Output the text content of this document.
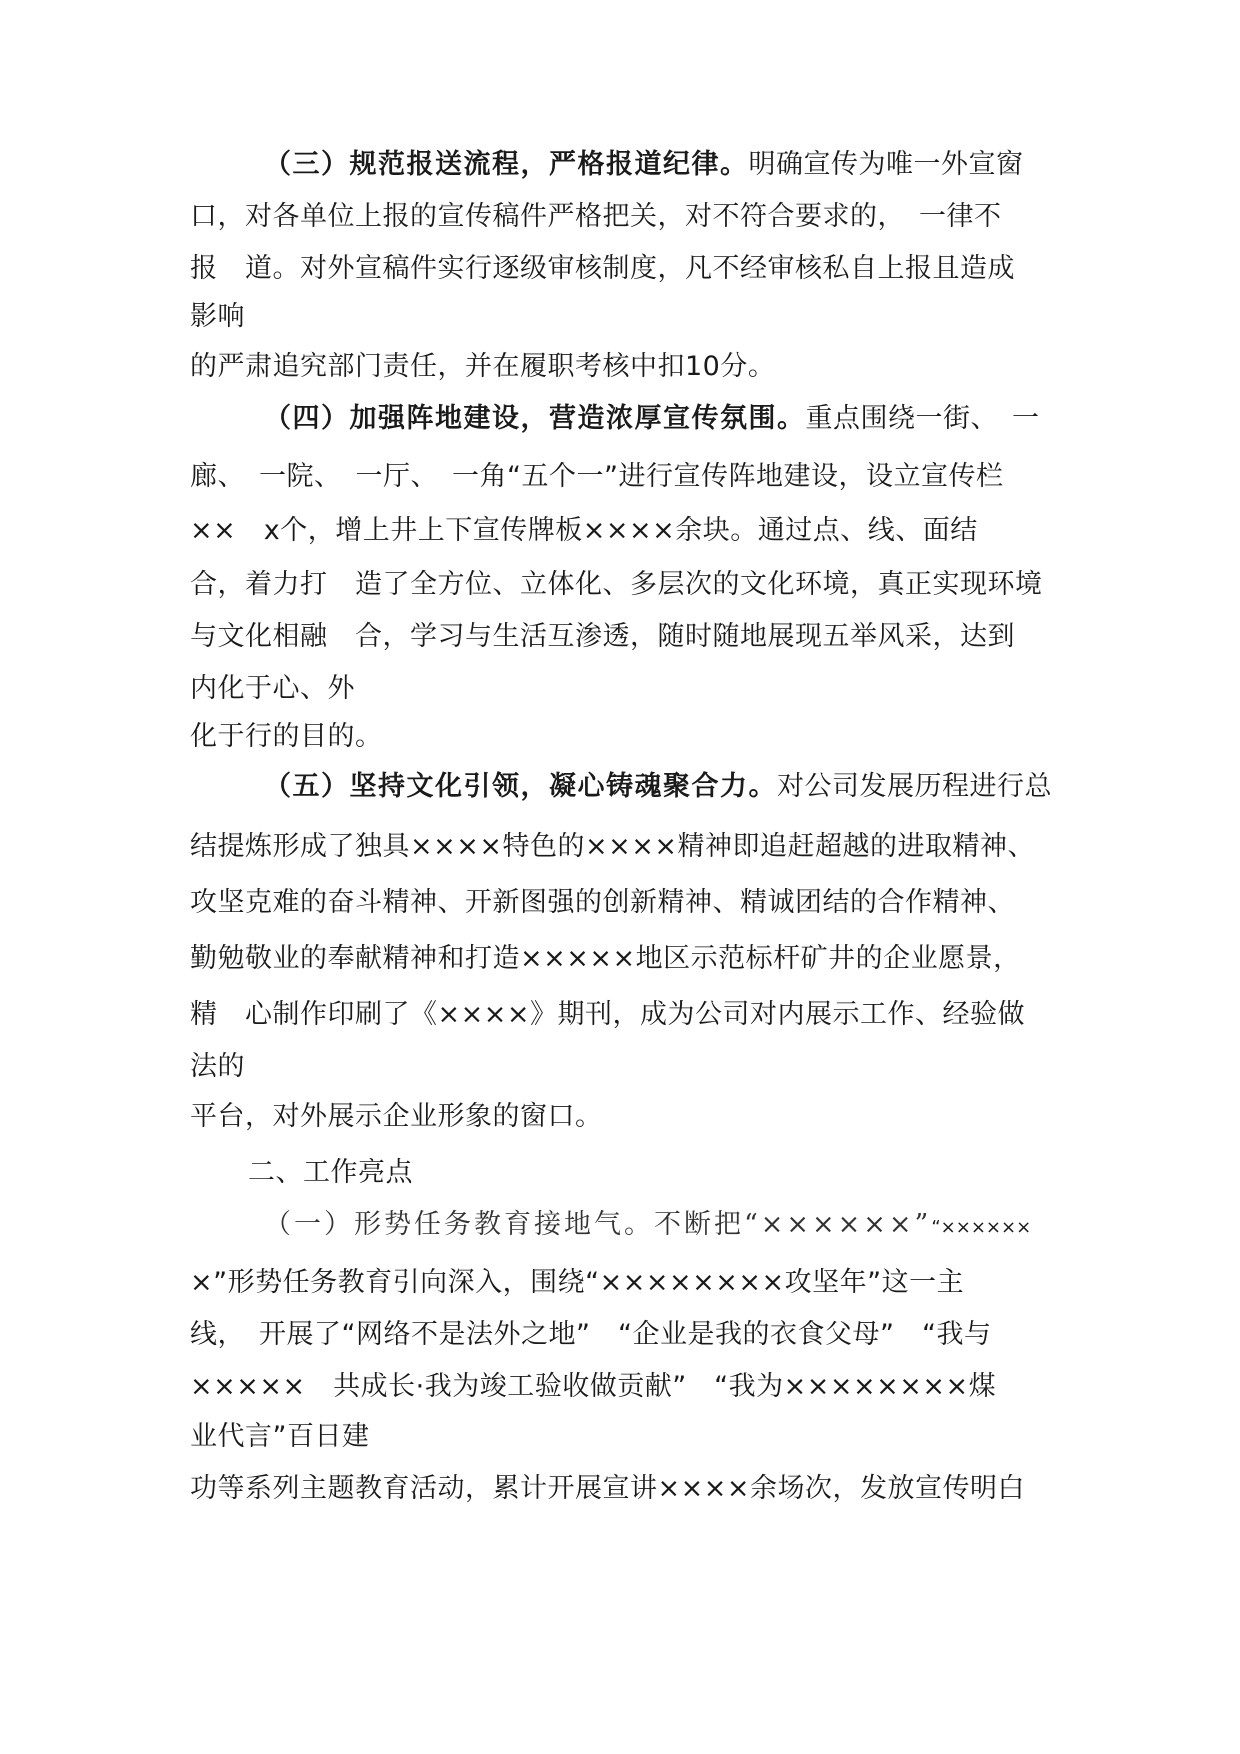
（三）规范报送流程，严格报道纪律。明确宣传为唯一外宣窗
口，对各单位上报的宣传稿件严格把关，对不符合要求的，　一律不
报　道。对外宣稿件实行逐级审核制度，凡不经审核私自上报且造成
影响
的严肃追究部门责任，并在履职考核中扣10分。
（四）加强阵地建设，营造浓厚宣传氛围。重点围绕一街、　一
廊、　一院、　一厅、　一角“五个一”进行宣传阵地建设，设立宣传栏
××　x个，增上井上下宣传牌板××××余块。通过点、线、面结
合，着力打　造了全方位、立体化、多层次的文化环境，真正实现环境
与文化相融　合，学习与生活互渗透，随时随地展现五举风采，达到
内化于心、外
化于行的目的。
（五）坚持文化引领，凝心铸魂聚合力。对公司发展历程进行总
结提炼形成了独具××××特色的××××精神即追赶超越的进取精神、
攻坚克难的奋斗精神、开新图强的创新精神、精诚团结的合作精神、
勤勉敬业的奉献精神和打造×××××地区示范标杆矿井的企业愿景，
精　心制作印刷了《××××》期刊，成为公司对内展示工作、经验做
法的
平台，对外展示企业形象的窗口。
二、工作亮点
（一）形势任务教育接地气。不断把“××××××”“××××××
×”形势任务教育引向深入，围绕“××××××××攻坚年”这一主
线，　开展了“网络不是法外之地”　“企业是我的衣食父母”　“我与
×××××　共成长·我为竣工验收做贡献”　“我为××××××××煤
业代言”百日建
功等系列主题教育活动，累计开展宣讲××××余场次，发放宣传明白
